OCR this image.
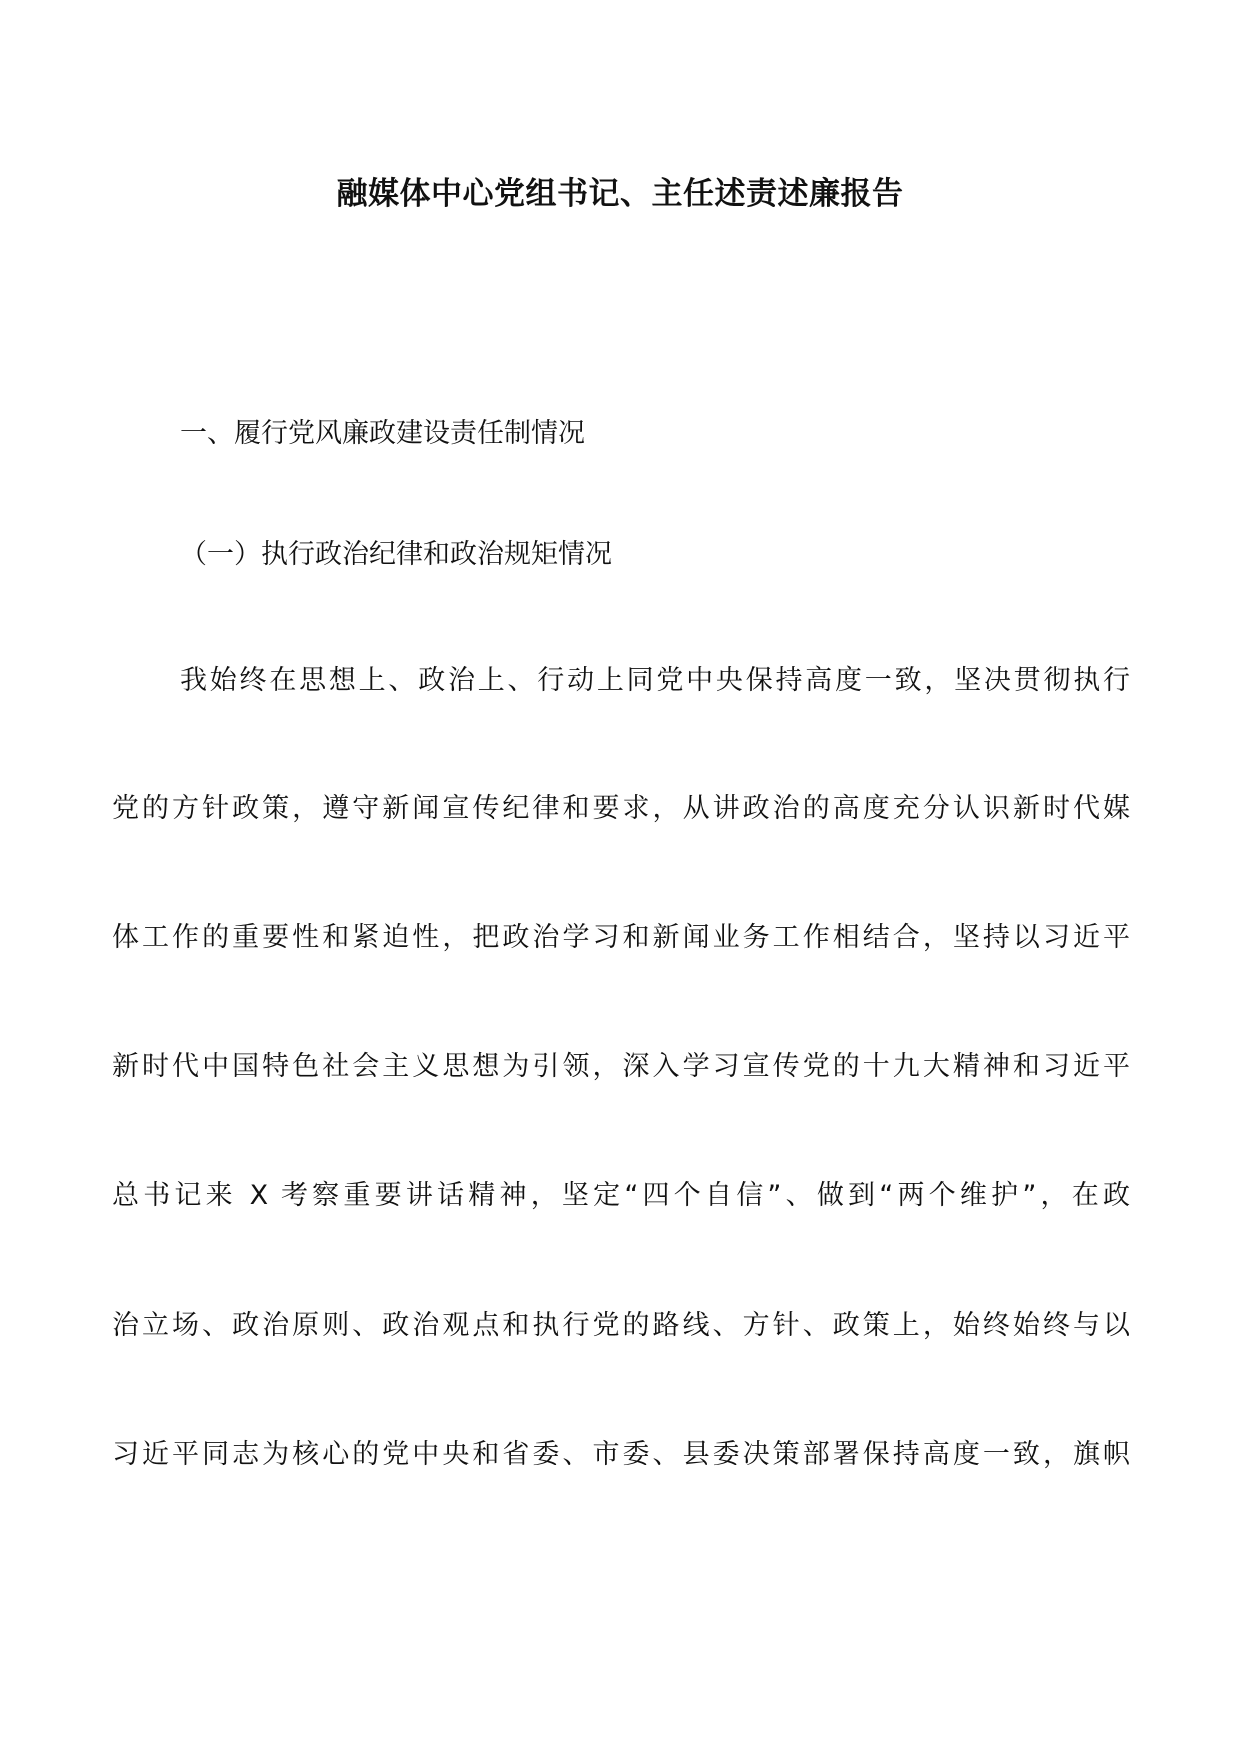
融媒体中心党组书记、主任述责述廉报告
一、履行党风廉政建设责任制情况
（一）执行政治纪律和政治规矩情况
我始终在思想上、政治上、行动上同党中央保持高度一致，坚决贯彻执行
党的方针政策，遵守新闻宣传纪律和要求，从讲政治的高度充分认识新时代媒
体工作的重要性和紧迫性，把政治学习和新闻业务工作相结合，坚持以习近平
新时代中国特色社会主义思想为引领，深入学习宣传党的十九大精神和习近平
总书记来 X 考察重要讲话精神，坚定“四个自信”、做到“两个维护”，在政
治立场、政治原则、政治观点和执行党的路线、方针、政策上，始终始终与以
习近平同志为核心的党中央和省委、市委、县委决策部署保持高度一致，旗帜
